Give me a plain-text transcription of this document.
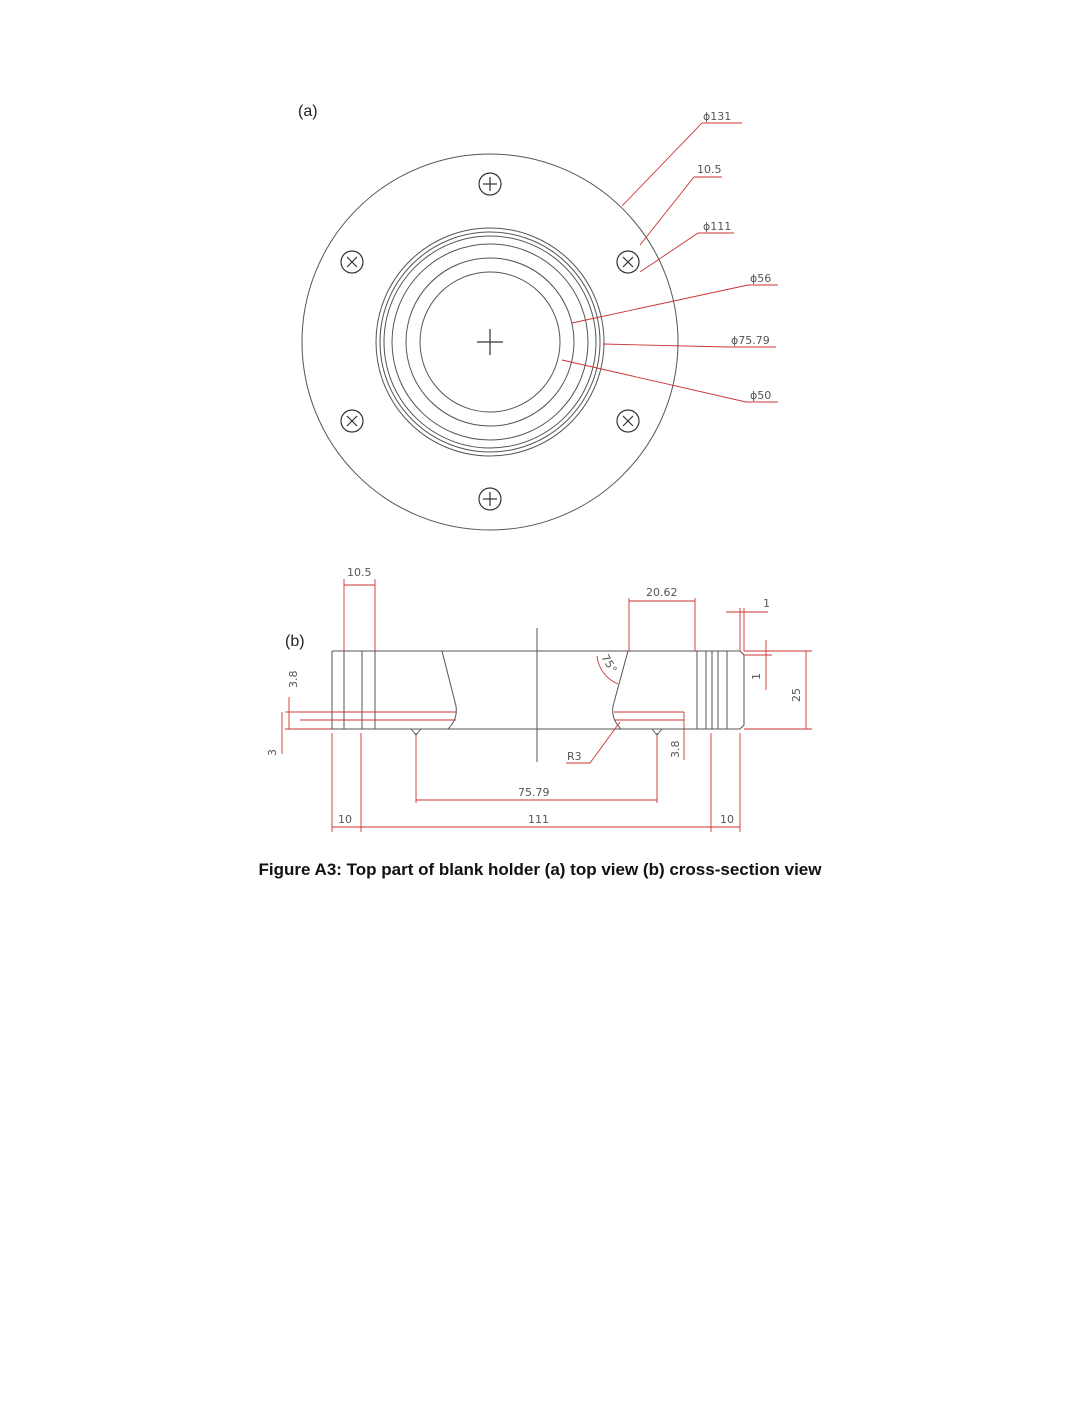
(a)	ϕ131
10.5
ϕ111
ϕ56
ϕ75.79
ϕ50
(b)
10.5
20.62
1
1
25
75°
R3
3.8
3	3.8
75.79
111
10	10
Figure A3: Top part of blank holder (a) top view (b) cross-section view
